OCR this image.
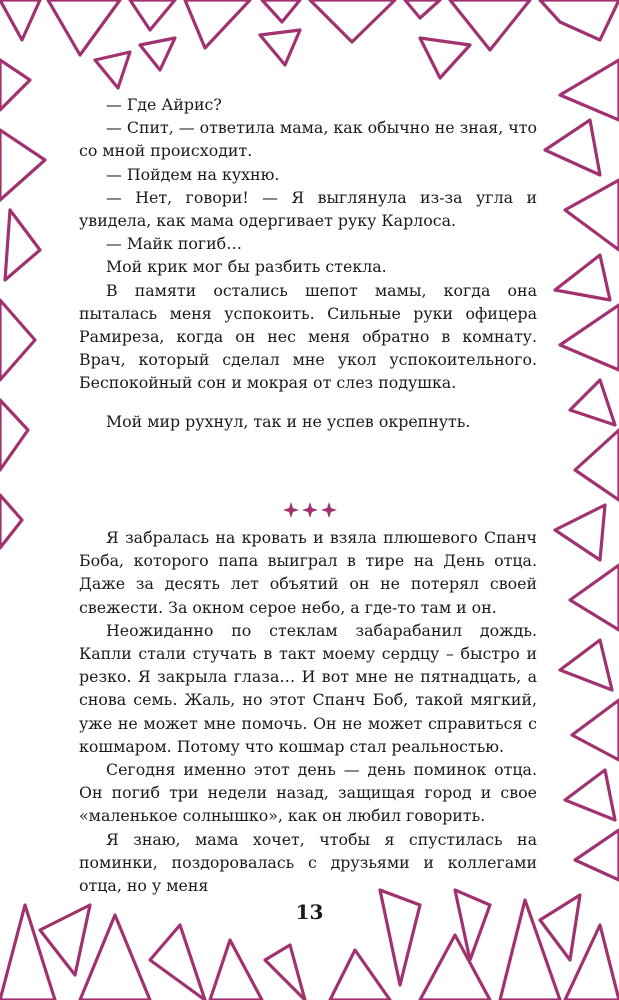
— Где Айрис?

— Спит, — ответила мама, как обычно не зная, что со мной происходит.

— Пойдем на кухню.

— Нет, говори! — Я выглянула из-за угла и увидела, как мама одергивает руку Карлоса.

— Майк погиб…

Мой крик мог бы разбить стекла.

В памяти остались шепот мамы, когда она пыталась меня успокоить. Сильные руки офицера Рамиреза, когда он нес меня обратно в комнату. Врач, который сделал мне укол успокоительного. Беспокойный сон и мокрая от слез подушка.

Мой мир рухнул, так и не успев окрепнуть.

Я забралась на кровать и взяла плюшевого Спанч Боба, которого папа выиграл в тире на День отца. Даже за десять лет объятий он не потерял своей свежести. За окном серое небо, а где-то там и он.

Неожиданно по стеклам забарабанил дождь. Капли стали стучать в такт моему сердцу – быстро и резко. Я закрыла глаза… И вот мне не пятнадцать, а снова семь. Жаль, но этот Спанч Боб, такой мягкий, уже не может мне помочь. Он не может справиться с кошмаром. Потому что кошмар стал реальностью.

Сегодня именно этот день — день поминок отца. Он погиб три недели назад, защищая город и свое «маленькое солнышко», как он любил говорить.

Я знаю, мама хочет, чтобы я спустилась на поминки, поздоровалась с друзьями и коллегами отца, но у меня

13
